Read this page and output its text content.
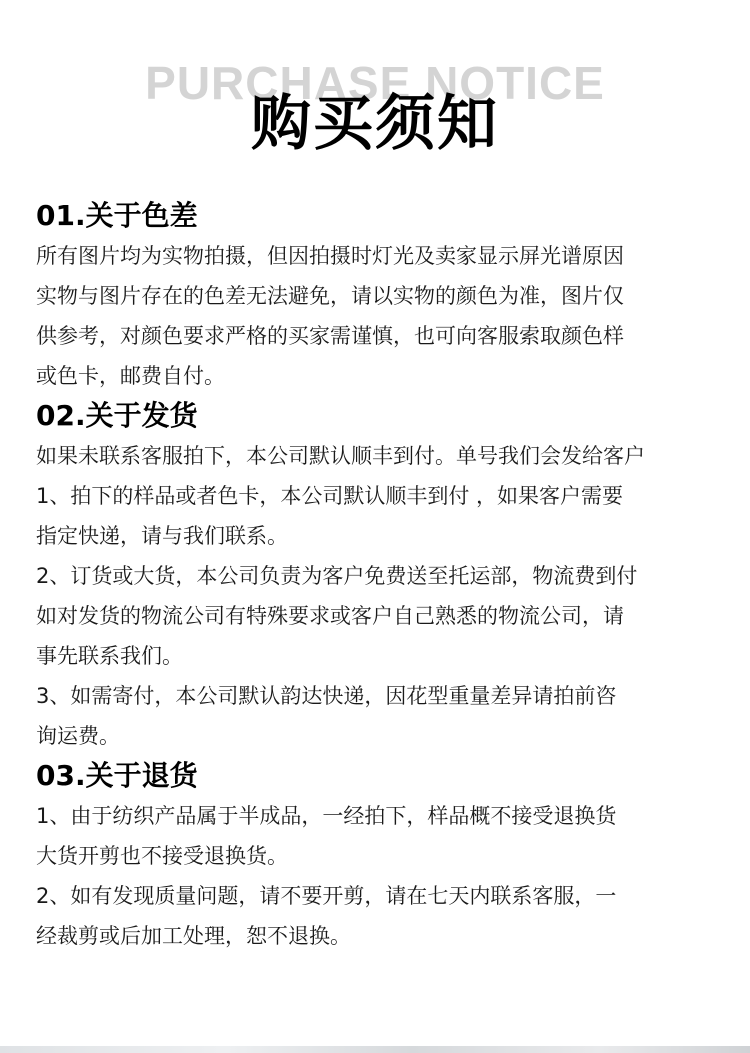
PURCHASE NOTICE
购买须知
01.关于色差

所有图片均为实物拍摄，但因拍摄时灯光及卖家显示屏光谱原因

实物与图片存在的色差无法避免，请以实物的颜色为准，图片仅

供参考，对颜色要求严格的买家需谨慎，也可向客服索取颜色样

或色卡，邮费自付。

02.关于发货

如果未联系客服拍下，本公司默认顺丰到付。单号我们会发给客户

1、拍下的样品或者色卡，本公司默认顺丰到付 ，如果客户需要

指定快递，请与我们联系。

2、订货或大货，本公司负责为客户免费送至托运部，物流费到付

如对发货的物流公司有特殊要求或客户自己熟悉的物流公司，请

事先联系我们。

3、如需寄付，本公司默认韵达快递，因花型重量差异请拍前咨

询运费。

03.关于退货

1、由于纺织产品属于半成品，一经拍下，样品概不接受退换货

大货开剪也不接受退换货。

2、如有发现质量问题，请不要开剪，请在七天内联系客服，一

经裁剪或后加工处理，恕不退换。
